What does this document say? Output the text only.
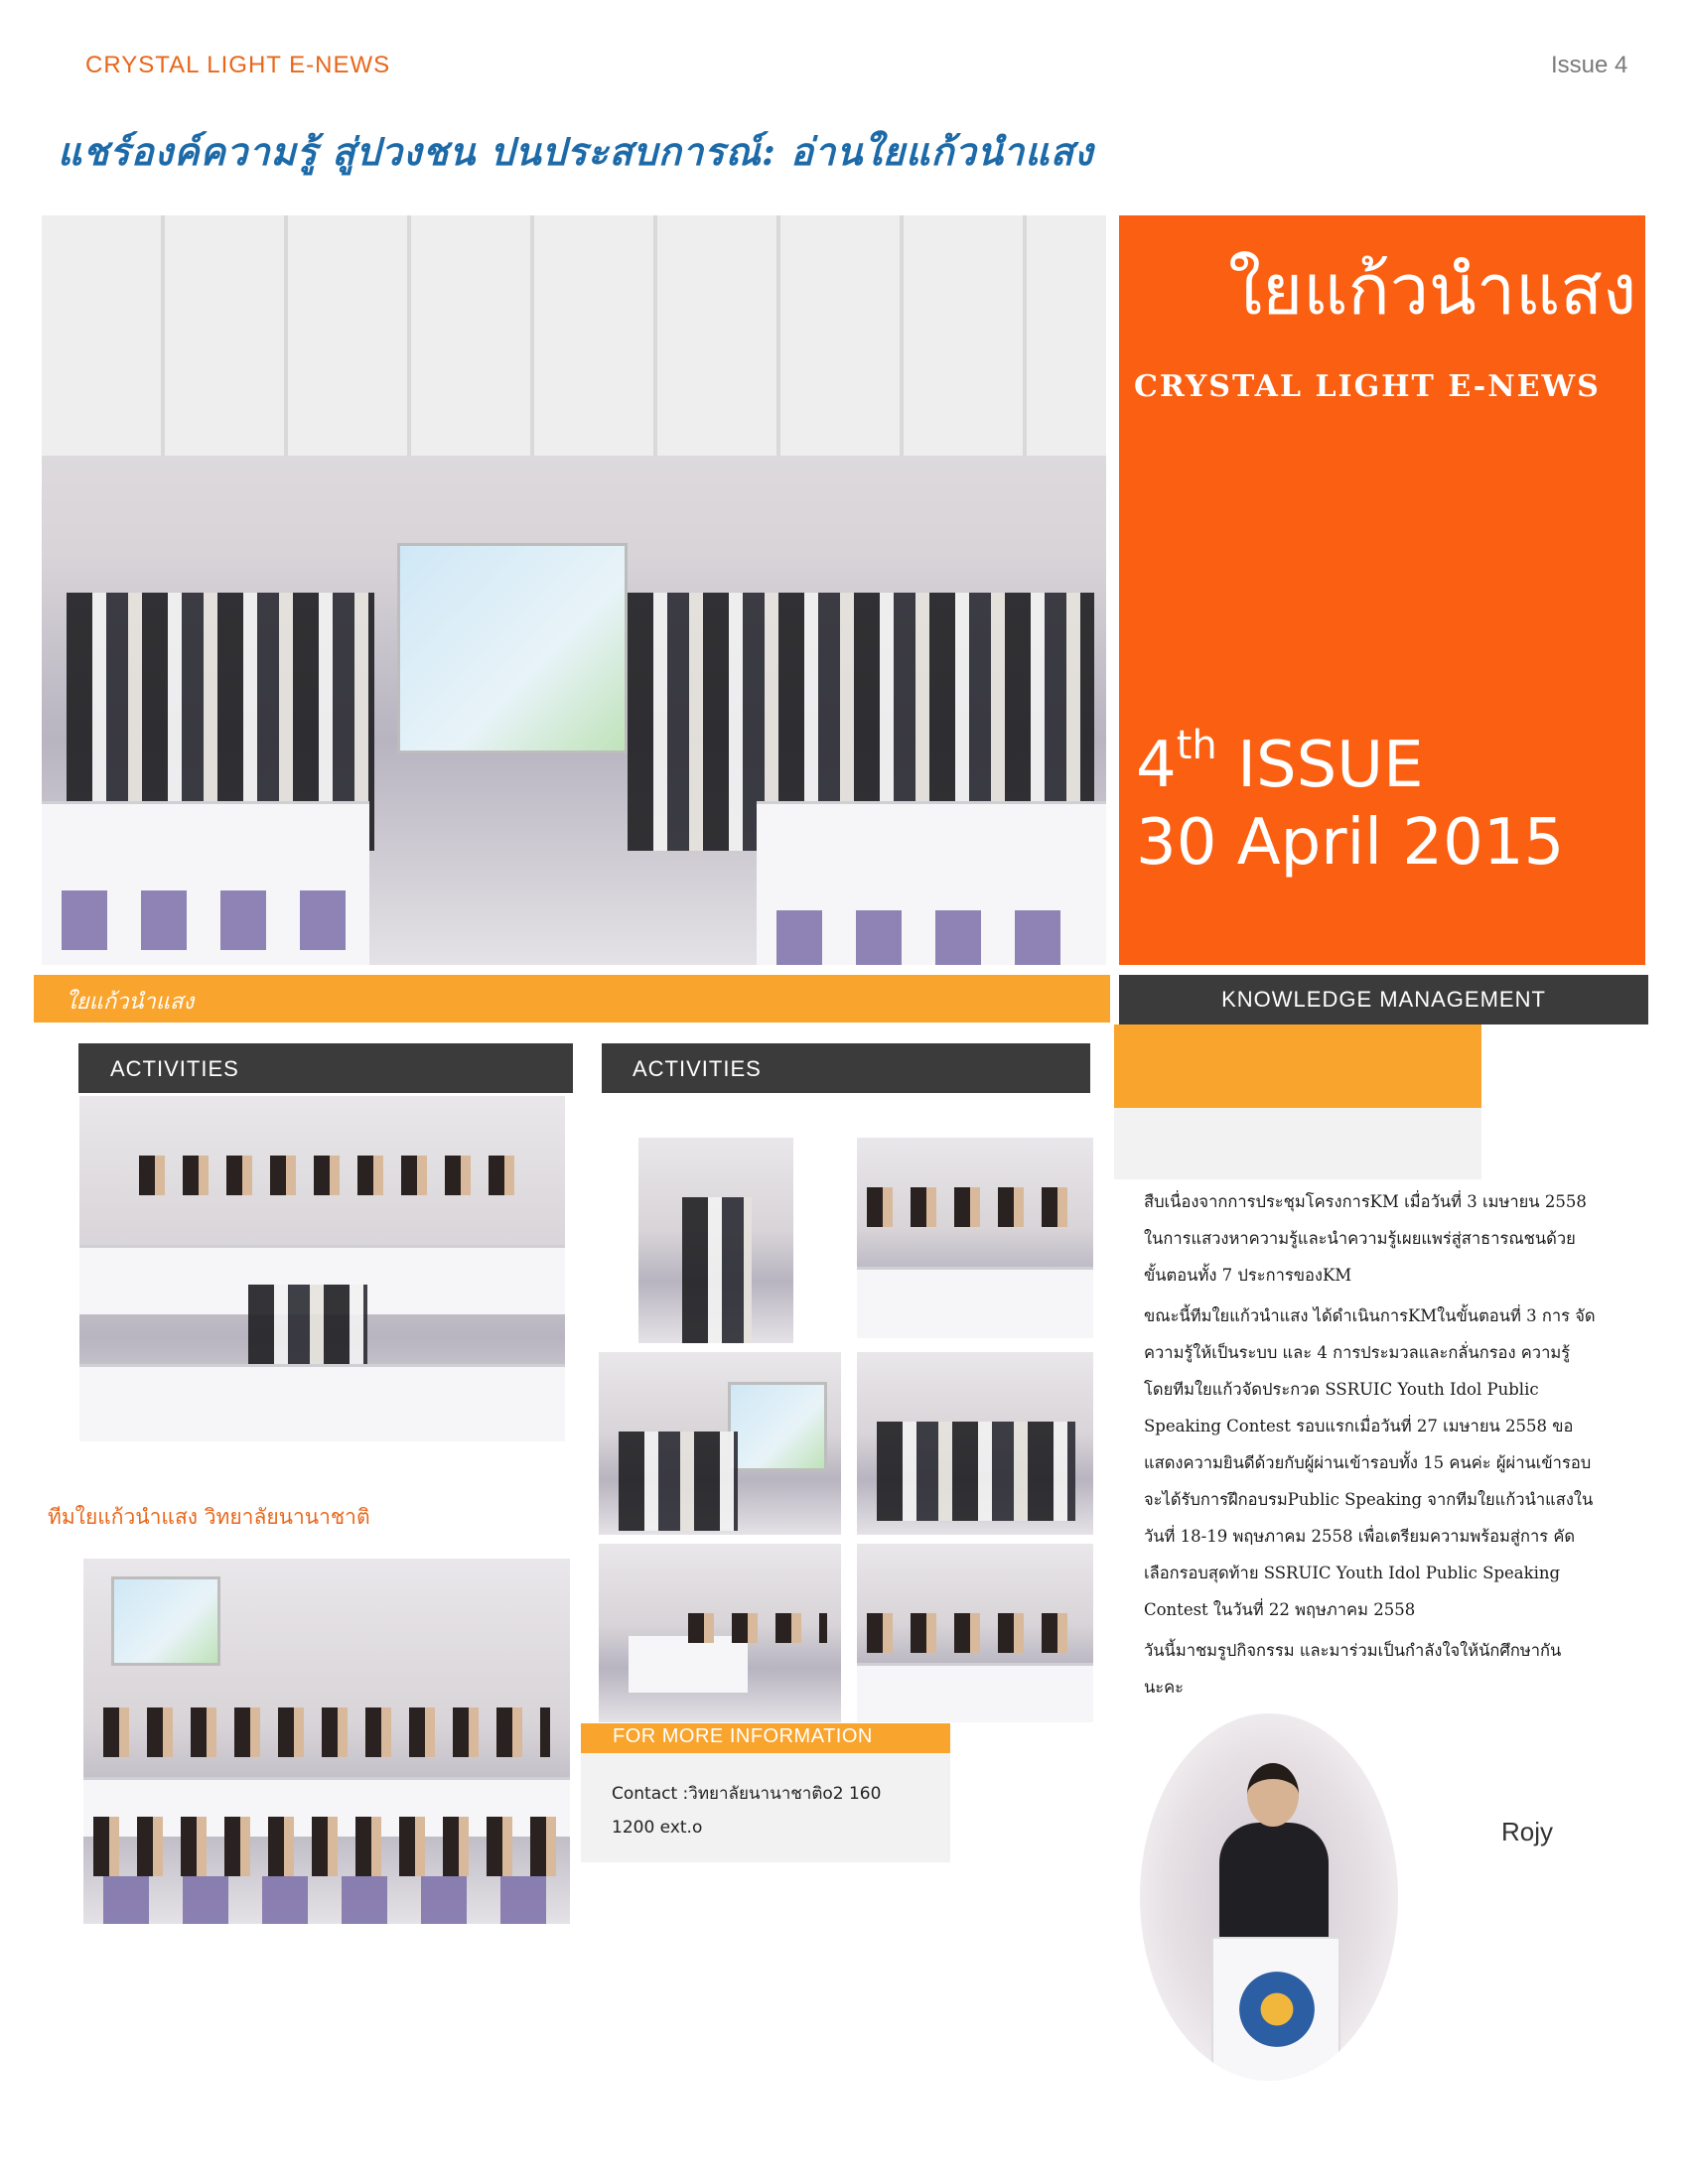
CRYSTAL LIGHT E-NEWS	Issue 4
แชร์องค์ความรู้ สู่ปวงชน ปนประสบการณ์: อ่านใยแก้วนำแสง
ใยแก้วนำแสง
CRYSTAL LIGHT E-NEWS
4th ISSUE
30 April 2015
ใยแก้วนำแสง	KNOWLEDGE MANAGEMENT
ACTIVITIES	ACTIVITIES
ทีมใยแก้วนำแสง วิทยาลัยนานาชาติ
FOR MORE INFORMATION
Contact :วิทยาลัยนานาชาติo2 160 1200 ext.o

สืบเนื่องจากการประชุมโครงการKM เมื่อวันที่ 3 เมษายน 2558 ในการแสวงหาความรู้และนำความรู้เผยแพร่สู่สาธารณชนด้วย ขั้นตอนทั้ง 7 ประการของKM

ขณะนี้ทีมใยแก้วนำแสง ได้ดำเนินการKMในขั้นตอนที่ 3 การ จัดความรู้ให้เป็นระบบ และ 4 การประมวลและกลั่นกรอง ความรู้ โดยทีมใยแก้วจัดประกวด SSRUIC Youth Idol Public Speaking Contest รอบแรกเมื่อวันที่ 27 เมษายน 2558 ขอ แสดงความยินดีด้วยกับผู้ผ่านเข้ารอบทั้ง 15 คนค่ะ ผู้ผ่านเข้ารอบ จะได้รับการฝึกอบรมPublic Speaking จากทีมใยแก้วนำแสงใน วันที่ 18-19 พฤษภาคม 2558 เพื่อเตรียมความพร้อมสู่การ คัดเลือกรอบสุดท้าย SSRUIC Youth Idol Public Speaking Contest ในวันที่ 22 พฤษภาคม 2558

วันนี้มาชมรูปกิจกรรม และมาร่วมเป็นกำลังใจให้นักศึกษากัน นะคะ

Rojy
